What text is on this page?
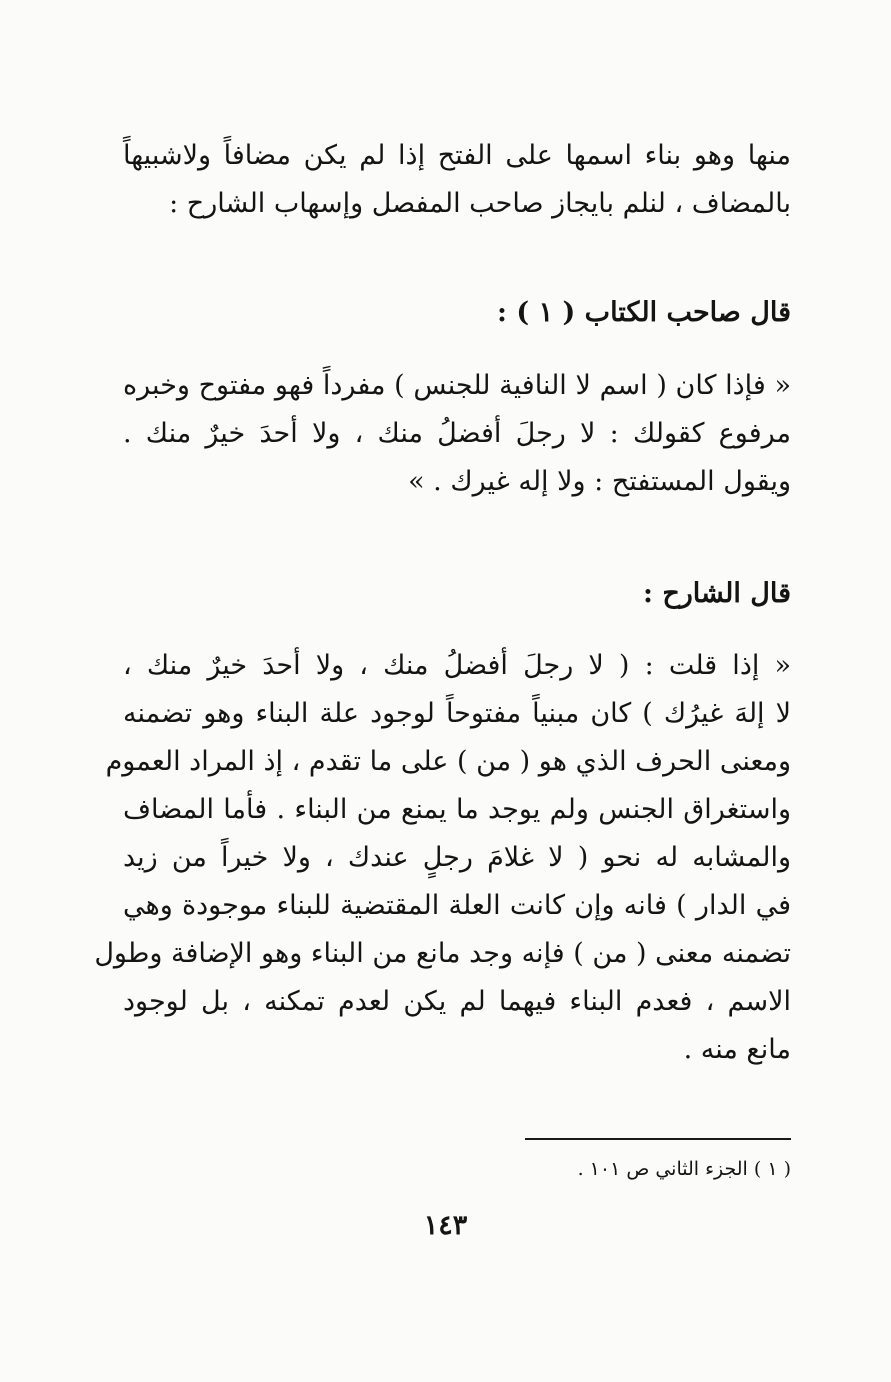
منها وهو بناء اسمها على الفتح إذا لم يكن مضافاً ولاشبيهاً
بالمضاف ، لنلم بايجاز صاحب المفصل وإسهاب الشارح :
قال صاحب الكتاب ( ١ ) :
« فإذا كان ( اسم لا النافية للجنس ) مفرداً فهو مفتوح وخبره
مرفوع كقولك : لا رجلَ أفضلُ منك ، ولا أحدَ خيرٌ منك .
ويقول المستفتح : ولا إله غيرك . »
قال الشارح :
« إذا قلت : ( لا رجلَ أفضلُ منك ، ولا أحدَ خيرٌ منك ،
لا إلهَ غيرُك ) كان مبنياً مفتوحاً لوجود علة البناء وهو تضمنه
ومعنى الحرف الذي هو ( من ) على ما تقدم ، إذ المراد العموم
واستغراق الجنس ولم يوجد ما يمنع من البناء . فأما المضاف
والمشابه له نحو ( لا غلامَ رجلٍ عندك ، ولا خيراً من زيد
في الدار ) فانه وإن كانت العلة المقتضية للبناء موجودة وهي
تضمنه معنى ( من ) فإنه وجد مانع من البناء وهو الإضافة وطول
الاسم ، فعدم البناء فيهما لم يكن لعدم تمكنه ، بل لوجود
مانع منه .
( ١ ) الجزء الثاني ص ١٠١ .
١٤٣
